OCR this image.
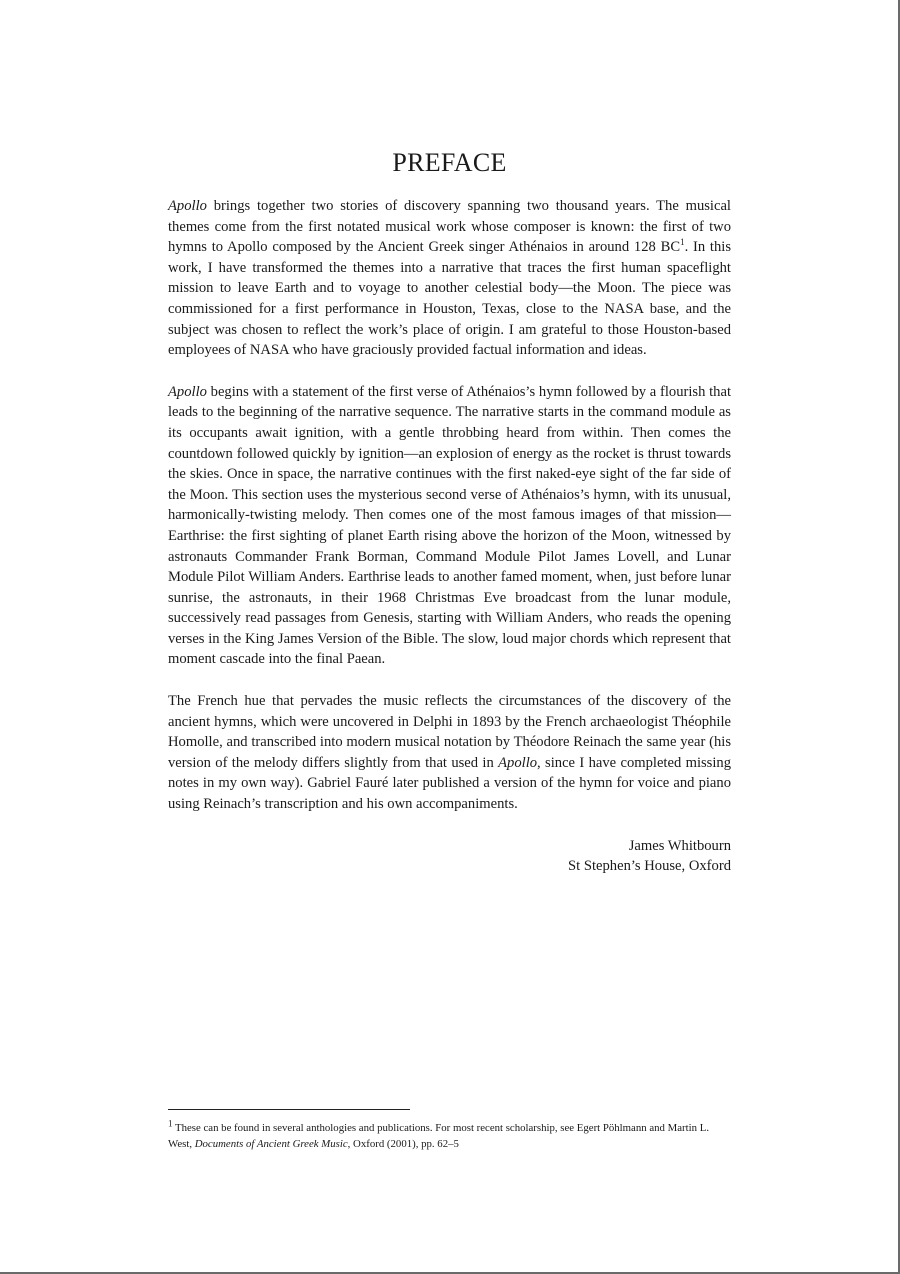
PREFACE

Apollo brings together two stories of discovery spanning two thousand years. The musical themes come from the first notated musical work whose composer is known: the first of two hymns to Apollo composed by the Ancient Greek singer Athénaios in around 128 $BC^1$. In this work, I have transformed the themes into a narrative that traces the first human spaceflight mission to leave Earth and to voyage to another celestial body—the Moon. The piece was commissioned for a first performance in Houston, Texas, close to the NASA base, and the subject was chosen to reflect the work’s place of origin. I am grateful to those Houston-based employees of NASA who have graciously provided factual information and ideas.

Apollo begins with a statement of the first verse of Athénaios’s hymn followed by a flourish that leads to the beginning of the narrative sequence. The narrative starts in the command module as its occupants await ignition, with a gentle throbbing heard from within. Then comes the countdown followed quickly by ignition—an explosion of energy as the rocket is thrust towards the skies. Once in space, the narrative continues with the first naked-eye sight of the far side of the Moon. This section uses the mysterious second verse of Athénaios’s hymn, with its unusual, harmonically-twisting melody. Then comes one of the most famous images of that mission—Earthrise: the first sighting of planet Earth rising above the horizon of the Moon, witnessed by astronauts Commander Frank Borman, Command Module Pilot James Lovell, and Lunar Module Pilot William Anders. Earthrise leads to another famed moment, when, just before lunar sunrise, the astronauts, in their 1968 Christmas Eve broadcast from the lunar module, successively read passages from Genesis, starting with William Anders, who reads the opening verses in the King James Version of the Bible. The slow, loud major chords which represent that moment cascade into the final Paean.

The French hue that pervades the music reflects the circumstances of the discovery of the ancient hymns, which were uncovered in Delphi in 1893 by the French archaeologist Théophile Homolle, and transcribed into modern musical notation by Théodore Reinach the same year (his version of the melody differs slightly from that used in Apollo, since I have completed missing notes in my own way). Gabriel Fauré later published a version of the hymn for voice and piano using Reinach’s transcription and his own accompaniments.

James Whitbourn
St Stephen’s House, Oxford
$^1$ These can be found in several anthologies and publications. For most recent scholarship, see Egert Pöhlmann and Martin L. West, Documents of Ancient Greek Music, Oxford (2001), pp. 62–5
